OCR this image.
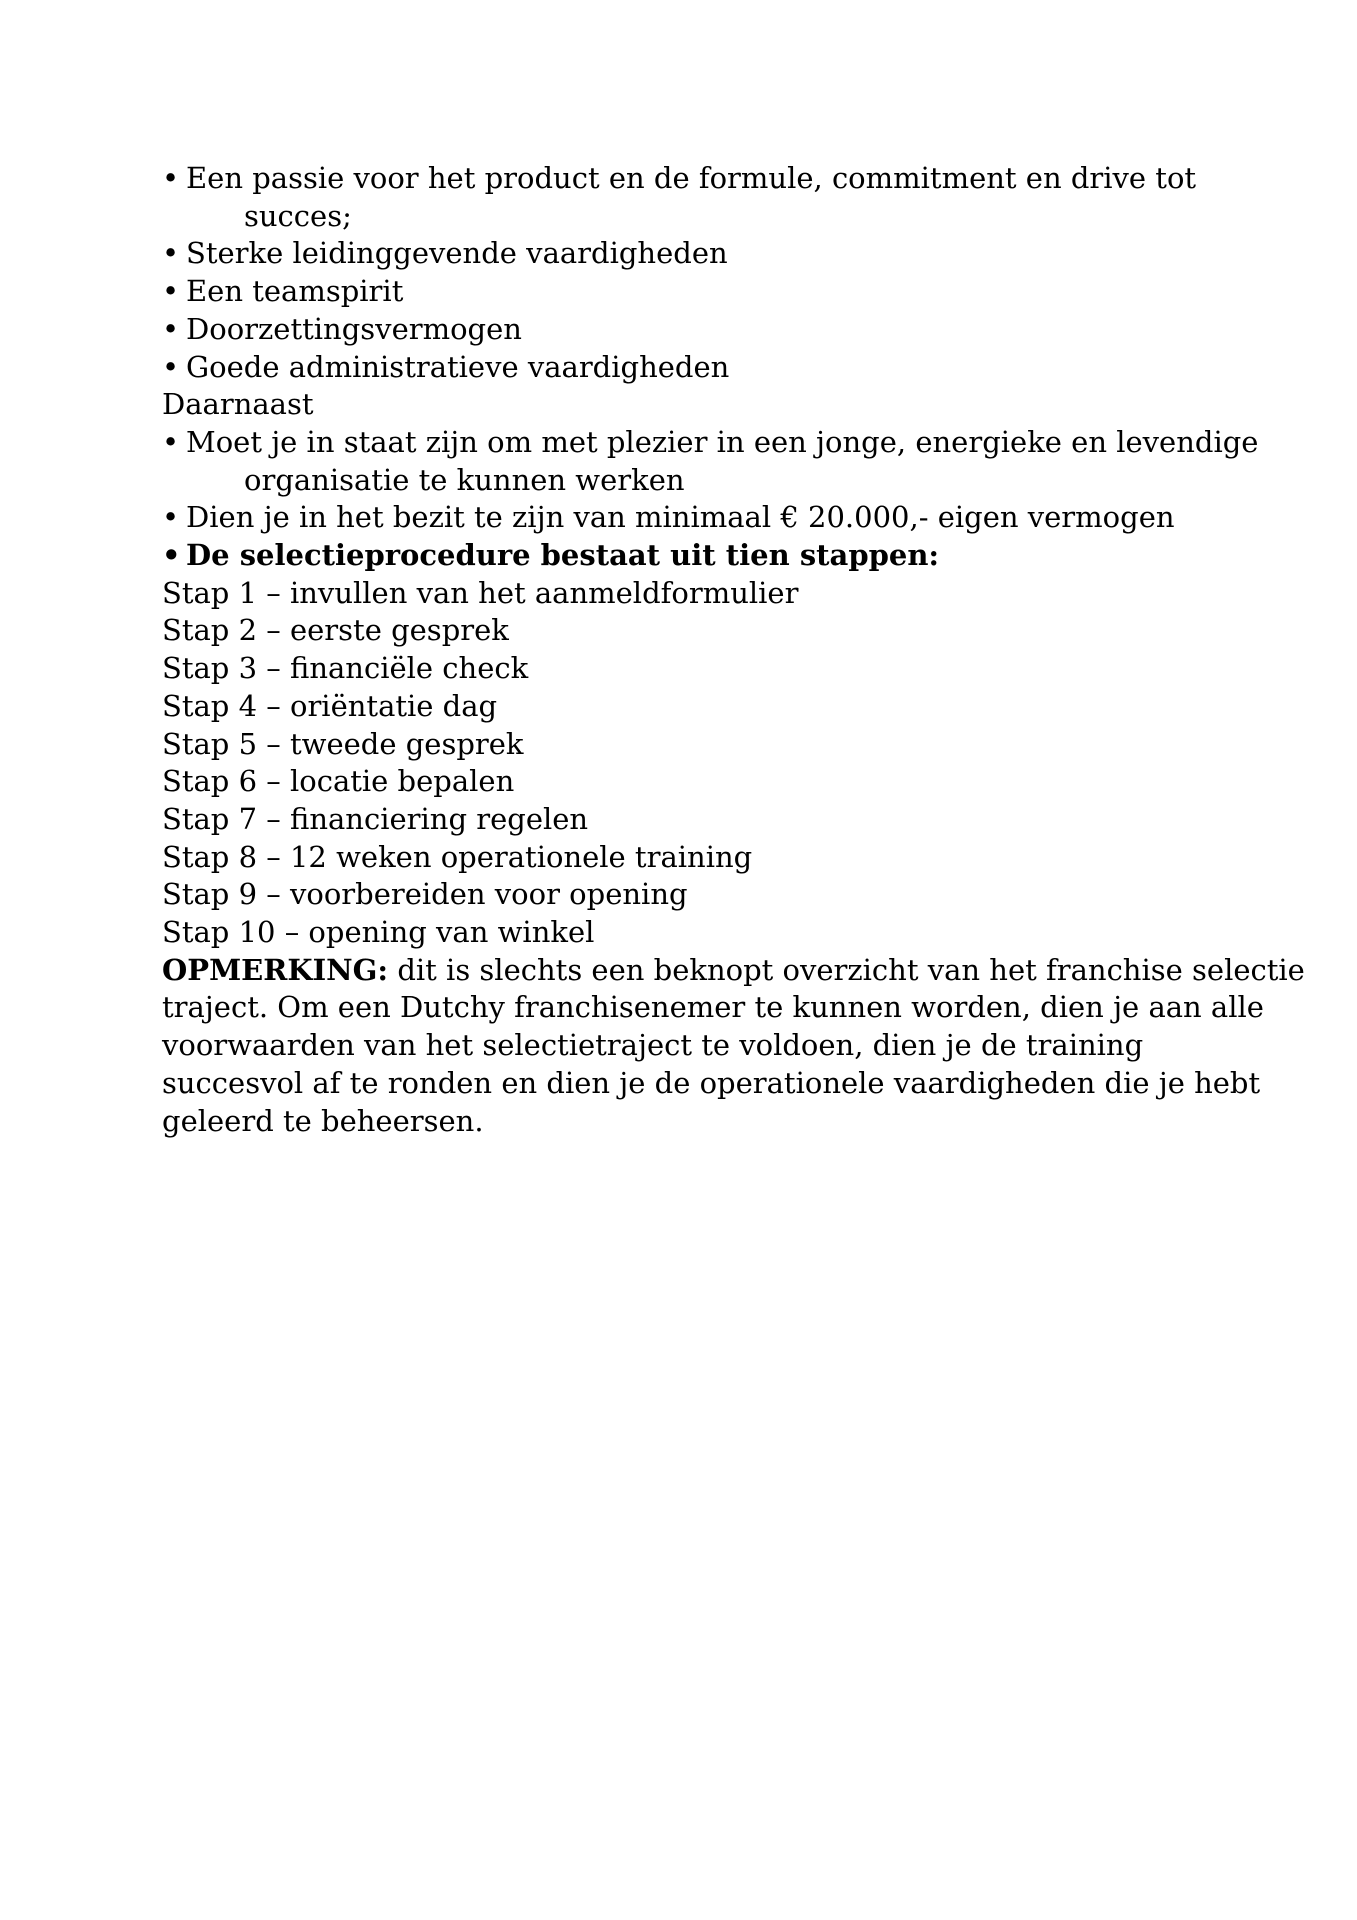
• Een passie voor het product en de formule, commitment en drive tot
succes;
• Sterke leidinggevende vaardigheden
• Een teamspirit
• Doorzettingsvermogen
• Goede administratieve vaardigheden
Daarnaast
• Moet je in staat zijn om met plezier in een jonge, energieke en levendige
organisatie te kunnen werken
• Dien je in het bezit te zijn van minimaal € 20.000,- eigen vermogen
• De selectieprocedure bestaat uit tien stappen:
Stap 1 – invullen van het aanmeldformulier
Stap 2 – eerste gesprek
Stap 3 – financiële check
Stap 4 – oriëntatie dag
Stap 5 – tweede gesprek
Stap 6 – locatie bepalen
Stap 7 – financiering regelen
Stap 8 – 12 weken operationele training
Stap 9 – voorbereiden voor opening
Stap 10 – opening van winkel
OPMERKING: dit is slechts een beknopt overzicht van het franchise selectie
traject. Om een Dutchy franchisenemer te kunnen worden, dien je aan alle
voorwaarden van het selectietraject te voldoen, dien je de training
succesvol af te ronden en dien je de operationele vaardigheden die je hebt
geleerd te beheersen.
